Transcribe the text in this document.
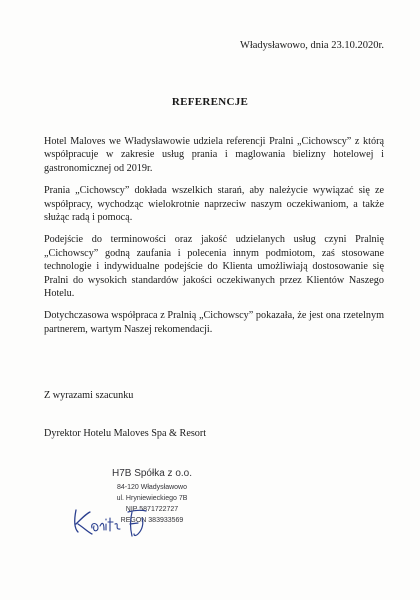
Władysławowo, dnia 23.10.2020r.
REFERENCJE

Hotel Maloves we Władysławowie udziela referencji Pralni „Cichowscy” z którą współpracuje w zakresie usług prania i maglowania bielizny hotelowej i gastronomicznej od 2019r.

Prania „Cichowscy” dokłada wszelkich starań, aby należycie wywiązać się ze współpracy, wychodząc wielokrotnie naprzeciw naszym oczekiwaniom, a także służąc radą i pomocą.

Podejście do terminowości oraz jakość udzielanych usług czyni Pralnię „Cichowscy” godną zaufania i polecenia innym podmiotom, zaś stosowane technologie i indywidualne podejście do Klienta umożliwiają dostosowanie się Pralni do wysokich standardów jakości oczekiwanych przez Klientów Naszego Hotelu.

Dotychczasowa współpraca z Pralnią „Cichowscy” pokazała, że jest ona rzetelnym partnerem, wartym Naszej rekomendacji.

Z wyrazami szacunku
Dyrektor Hotelu Maloves Spa & Resort
H7B Spółka z o.o.
84-120 Władysławowo
ul. Hryniewieckiego 7B
NIP 5871722727
REGON 383933569
